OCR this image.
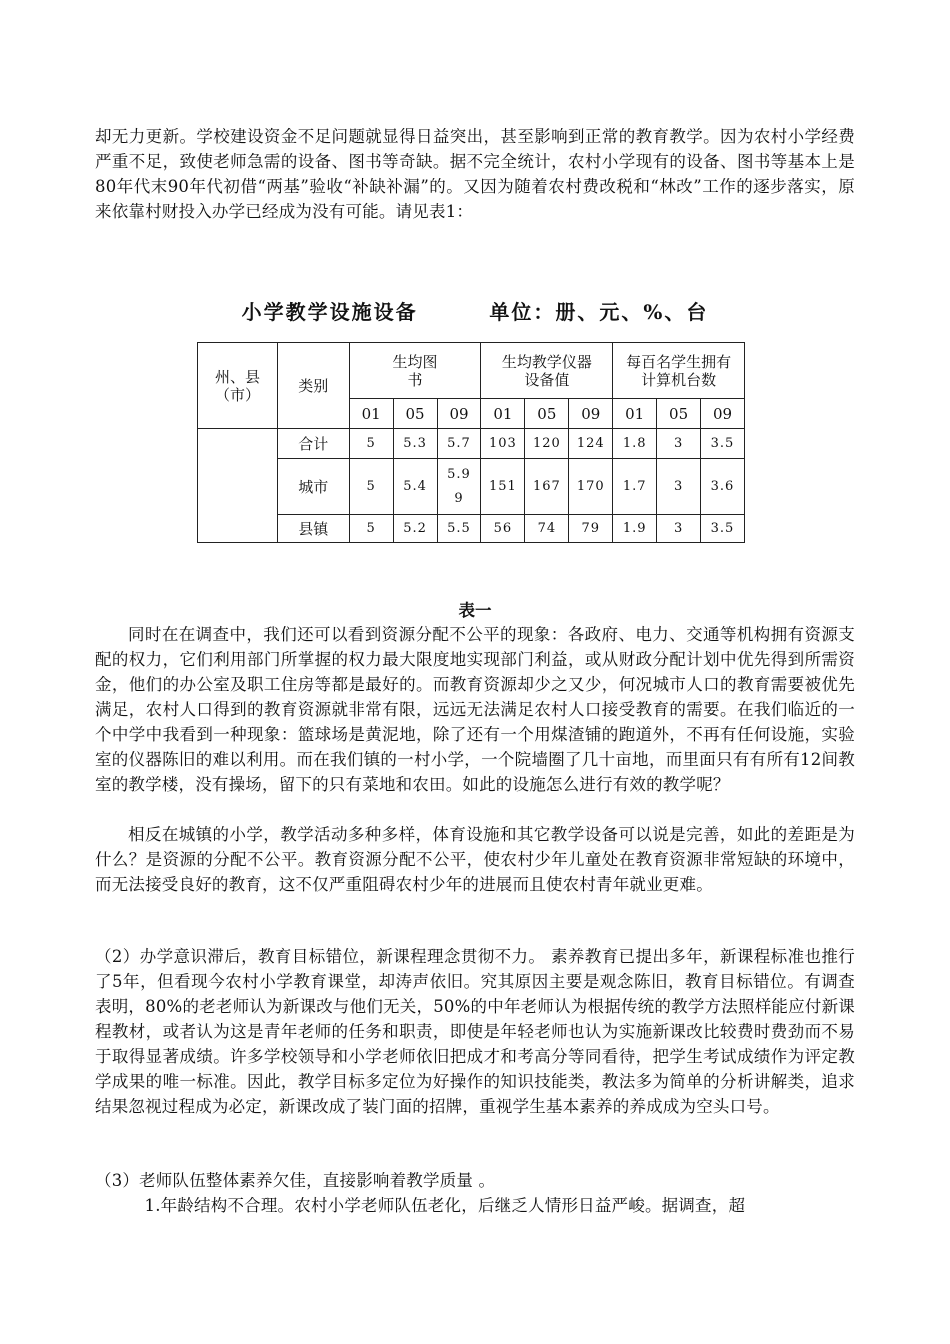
却无力更新。学校建设资金不足问题就显得日益突出，甚至影响到正常的教育教学。因为农村小学经费严重不足，致使老师急需的设备、图书等奇缺。据不完全统计，农村小学现有的设备、图书等基本上是80年代末90年代初借“两基”验收“补缺补漏”的。又因为随着农村费改税和“林改”工作的逐步落实，原来依靠村财投入办学已经成为没有可能。请见表1：
小学教学设施设备	单位：册、元、%、台
州、县（市）	类别	生均图书			生均教学仪器设备值			每百名学生拥有计算机台数		
		01	05	09	01	05	09	01	05	09
	合计	5	5.3	5.7	103	120	124	1.8	3	3.5
	城市	5	5.4	5.99	151	167	170	1.7	3	3.6
	县镇	5	5.2	5.5	56	74	79	1.9	3	3.5
表一
同时在在调查中，我们还可以看到资源分配不公平的现象：各政府、电力、交通等机构拥有资源支配的权力，它们利用部门所掌握的权力最大限度地实现部门利益，或从财政分配计划中优先得到所需资金，他们的办公室及职工住房等都是最好的。而教育资源却少之又少，何况城市人口的教育需要被优先满足，农村人口得到的教育资源就非常有限，远远无法满足农村人口接受教育的需要。在我们临近的一个中学中我看到一种现象：篮球场是黄泥地，除了还有一个用煤渣铺的跑道外，不再有任何设施，实验室的仪器陈旧的难以利用。而在我们镇的一村小学，一个院墙圈了几十亩地，而里面只有有所有12间教室的教学楼，没有操场，留下的只有菜地和农田。如此的设施怎么进行有效的教学呢？
相反在城镇的小学，教学活动多种多样，体育设施和其它教学设备可以说是完善，如此的差距是为什么？是资源的分配不公平。教育资源分配不公平，使农村少年儿童处在教育资源非常短缺的环境中，而无法接受良好的教育，这不仅严重阻碍农村少年的进展而且使农村青年就业更难。
（2）办学意识滞后，教育目标错位，新课程理念贯彻不力。 素养教育已提出多年，新课程标准也推行了5年，但看现今农村小学教育课堂，却涛声依旧。究其原因主要是观念陈旧，教育目标错位。有调查表明，80%的老老师认为新课改与他们无关，50%的中年老师认为根据传统的教学方法照样能应付新课程教材，或者认为这是青年老师的任务和职责，即使是年轻老师也认为实施新课改比较费时费劲而不易于取得显著成绩。许多学校领导和小学老师依旧把成才和考高分等同看待，把学生考试成绩作为评定教学成果的唯一标准。因此，教学目标多定位为好操作的知识技能类，教法多为简单的分析讲解类，追求结果忽视过程成为必定，新课改成了装门面的招牌，重视学生基本素养的养成成为空头口号。
（3）老师队伍整体素养欠佳，直接影响着教学质量 。
1.年龄结构不合理。农村小学老师队伍老化，后继乏人情形日益严峻。据调查，超
